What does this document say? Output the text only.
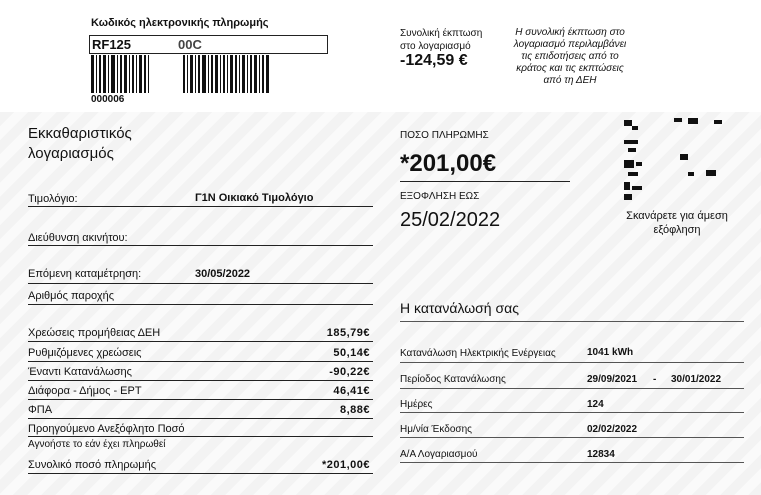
Κωδικός ηλεκτρονικής πληρωμής
RF125	00C
000006
Συνολική έκπτωση στο λογαριασμό
-124,59 €
Η συνολική έκπτωση στο λογαριασμό περιλαμβάνει τις επιδοτήσεις από το κράτος και τις εκπτώσεις από τη ΔΕΗ
Εκκαθαριστικός λογαριασμός
Τιμολόγιο:	Γ1Ν Οικιακό Τιμολόγιο
Διεύθυνση ακινήτου:
Επόμενη καταμέτρηση:	30/05/2022
Αριθμός παροχής
Χρεώσεις προμήθειας ΔΕΗ	185,79€
Ρυθμιζόμενες χρεώσεις	50,14€
Έναντι Κατανάλωσης	-90,22€
Διάφορα - Δήμος - ΕΡΤ	46,41€
ΦΠΑ	8,88€
Προηγούμενο Ανεξόφλητο Ποσό
Αγνοήστε το εάν έχει πληρωθεί
Συνολικό ποσό πληρωμής	*201,00€
ΠΟΣΟ ΠΛΗΡΩΜΗΣ
*201,00€
ΕΞΟΦΛΗΣΗ ΕΩΣ
25/02/2022	Σκανάρετε για άμεση εξόφληση
Η κατανάλωσή σας
Κατανάλωση Ηλεκτρικής Ενέργειας	1041 kWh
Περίοδος Κατανάλωσης	29/09/2021 - 30/01/2022
Ημέρες	124
Ημ/νία Έκδοσης	02/02/2022
Α/Α Λογαριασμού	12834
